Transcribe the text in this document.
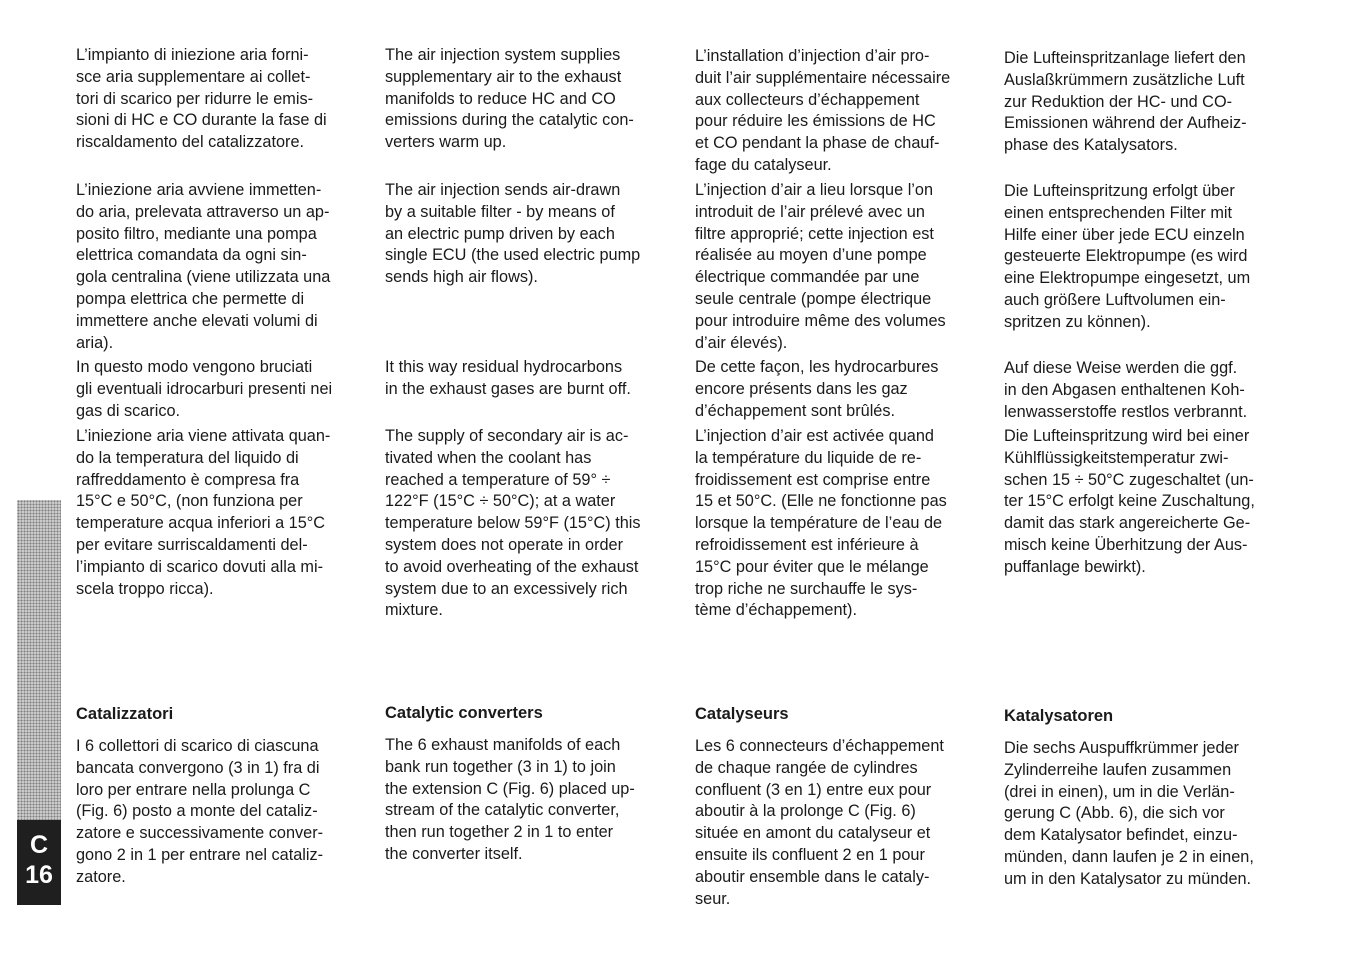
C
16

L’impianto di iniezione aria forni-
sce aria supplementare ai collet-
tori di scarico per ridurre le emis-
sioni di HC e CO durante la fase di
riscaldamento del catalizzatore.

L’iniezione aria avviene immetten-
do aria, prelevata attraverso un ap-
posito filtro, mediante una pompa
elettrica comandata da ogni sin-
gola centralina (viene utilizzata una
pompa elettrica che permette di
immettere anche elevati volumi di
aria).

In questo modo vengono bruciati
gli eventuali idrocarburi presenti nei
gas di scarico.

L’iniezione aria viene attivata quan-
do la temperatura del liquido di
raffreddamento è compresa fra
15°C e 50°C, (non funziona per
temperature acqua inferiori a 15°C
per evitare surriscaldamenti del-
l’impianto di scarico dovuti alla mi-
scela troppo ricca).

Catalizzatori

I 6 collettori di scarico di ciascuna
bancata convergono (3 in 1) fra di
loro per entrare nella prolunga C
(Fig. 6) posto a monte del cataliz-
zatore e successivamente conver-
gono 2 in 1 per entrare nel cataliz-
zatore.

The air injection system supplies
supplementary air to the exhaust
manifolds to reduce HC and CO
emissions during the catalytic con-
verters warm up.

The air injection sends air-drawn
by a suitable filter - by means of
an electric pump driven by each
single ECU (the used electric pump
sends high air flows).

It this way residual hydrocarbons
in the exhaust gases are burnt off.

The supply of secondary air is ac-
tivated when the coolant has
reached a temperature of 59° ÷
122°F (15°C ÷ 50°C); at a water
temperature below 59°F (15°C) this
system does not operate in order
to avoid overheating of the exhaust
system due to an excessively rich
mixture.

Catalytic converters

The 6 exhaust manifolds of each
bank run together (3 in 1) to join
the extension C (Fig. 6) placed up-
stream of the catalytic converter,
then run together 2 in 1 to enter
the converter itself.

L’installation d’injection d’air pro-
duit l’air supplémentaire nécessaire
aux collecteurs d’échappement
pour réduire les émissions de HC
et CO pendant la phase de chauf-
fage du catalyseur.

L’injection d’air a lieu lorsque l’on
introduit de l’air prélevé avec un
filtre approprié; cette injection est
réalisée au moyen d’une pompe
électrique commandée par une
seule centrale (pompe électrique
pour introduire même des volumes
d’air élevés).

De cette façon, les hydrocarbures
encore présents dans les gaz
d’échappement sont brûlés.

L’injection d’air est activée quand
la température du liquide de re-
froidissement est comprise entre
15 et 50°C. (Elle ne fonctionne pas
lorsque la température de l’eau de
refroidissement est inférieure à
15°C pour éviter que le mélange
trop riche ne surchauffe le sys-
tème d’échappement).

Catalyseurs

Les 6 connecteurs d’échappement
de chaque rangée de cylindres
confluent (3 en 1) entre eux pour
aboutir à la prolonge C (Fig. 6)
située en amont du catalyseur et
ensuite ils confluent 2 en 1 pour
aboutir ensemble dans le cataly-
seur.

Die Lufteinspritzanlage liefert den
Auslaßkrümmern zusätzliche Luft
zur Reduktion der HC- und CO-
Emissionen während der Aufheiz-
phase des Katalysators.

Die Lufteinspritzung erfolgt über
einen entsprechenden Filter mit
Hilfe einer über jede ECU einzeln
gesteuerte Elektropumpe (es wird
eine Elektropumpe eingesetzt, um
auch größere Luftvolumen ein-
spritzen zu können).

Auf diese Weise werden die ggf.
in den Abgasen enthaltenen Koh-
lenwasserstoffe restlos verbrannt.

Die Lufteinspritzung wird bei einer
Kühlflüssigkeitstemperatur zwi-
schen 15 ÷ 50°C zugeschaltet (un-
ter 15°C erfolgt keine Zuschaltung,
damit das stark angereicherte Ge-
misch keine Überhitzung der Aus-
puffanlage bewirkt).

Katalysatoren

Die sechs Auspuffkrümmer jeder
Zylinderreihe laufen zusammen
(drei in einen), um in die Verlän-
gerung C (Abb. 6), die sich vor
dem Katalysator befindet, einzu-
münden, dann laufen je 2 in einen,
um in den Katalysator zu münden.
